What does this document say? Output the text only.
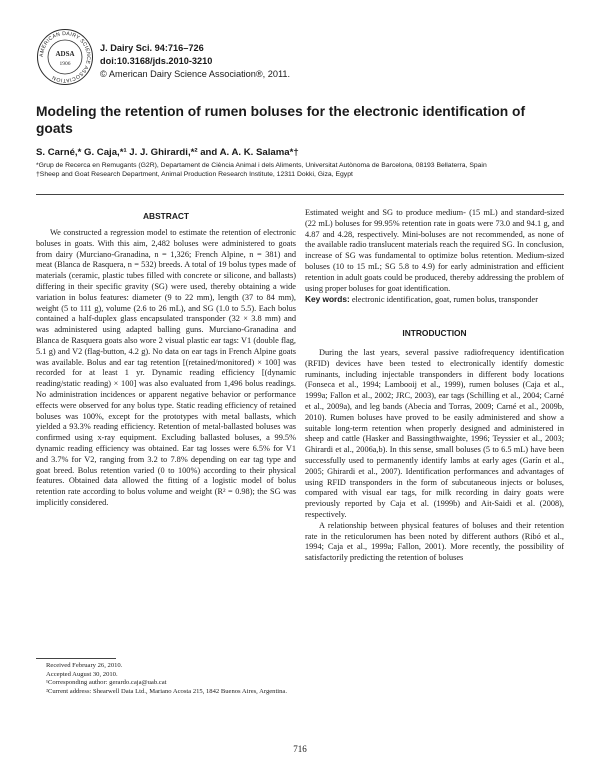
AMERICAN DAIRY SCIENCE ASSOCIATION
ADSA
1906
J. Dairy Sci. 94:716–726
doi:10.3168/jds.2010-3210
© American Dairy Science Association®, 2011.
Modeling the retention of rumen boluses for the electronic identification of goats
S. Carné,* G. Caja,*¹ J. J. Ghirardi,*² and A. A. K. Salama*†
*Grup de Recerca en Remugants (G2R), Departament de Ciència Animal i dels Aliments, Universitat Autònoma de Barcelona, 08193 Bellaterra, Spain
†Sheep and Goat Research Department, Animal Production Research Institute, 12311 Dokki, Giza, Egypt
ABSTRACT

We constructed a regression model to estimate the retention of electronic boluses in goats. With this aim, 2,482 boluses were administered to goats from dairy (Murciano-Granadina, n = 1,326; French Alpine, n = 381) and meat (Blanca de Rasquera, n = 532) breeds. A total of 19 bolus types made of materials (ceramic, plastic tubes filled with concrete or silicone, and ballasts) differing in their specific gravity (SG) were used, thereby obtaining a wide variation in bolus features: diameter (9 to 22 mm), length (37 to 84 mm), weight (5 to 111 g), volume (2.6 to 26 mL), and SG (1.0 to 5.5). Each bolus contained a half-duplex glass encapsulated transponder (32 × 3.8 mm) and was administered using adapted balling guns. Murciano-Granadina and Blanca de Rasquera goats also wore 2 visual plastic ear tags: V1 (double flag, 5.1 g) and V2 (flag-button, 4.2 g). No data on ear tags in French Alpine goats was available. Bolus and ear tag retention [(retained/monitored) × 100] was recorded for at least 1 yr. Dynamic reading efficiency [(dynamic reading/static reading) × 100] was also evaluated from 1,496 bolus readings. No administration incidences or apparent negative behavior or performance effects were observed for any bolus type. Static reading efficiency of retained boluses was 100%, except for the prototypes with metal ballasts, which yielded a 93.3% reading efficiency. Retention of metal-ballasted boluses was confirmed using x-ray equipment. Excluding ballasted boluses, a 99.5% dynamic reading efficiency was obtained. Ear tag losses were 6.5% for V1 and 3.7% for V2, ranging from 3.2 to 7.8% depending on ear tag type and goat breed. Bolus retention varied (0 to 100%) according to their physical features. Obtained data allowed the fitting of a logistic model of bolus retention rate according to bolus volume and weight (R² = 0.98); the SG was implicitly considered.

Estimated weight and SG to produce medium- (15 mL) and standard-sized (22 mL) boluses for 99.95% retention rate in goats were 73.0 and 94.1 g, and 4.87 and 4.28, respectively. Mini-boluses are not recommended, as none of the available radio translucent materials reach the required SG. In conclusion, increase of SG was fundamental to optimize bolus retention. Medium-sized boluses (10 to 15 mL; SG 5.8 to 4.9) for early administration and efficient retention in adult goats could be produced, thereby addressing the problem of using proper boluses for goat identification.

Key words: electronic identification, goat, rumen bolus, transponder

INTRODUCTION

During the last years, several passive radiofrequency identification (RFID) devices have been tested to electronically identify domestic ruminants, including injectable transponders in different body locations (Fonseca et al., 1994; Lambooij et al., 1999), rumen boluses (Caja et al., 1999a; Fallon et al., 2002; JRC, 2003), ear tags (Schilling et al., 2004; Carné et al., 2009a), and leg bands (Abecia and Torras, 2009; Carné et al., 2009b, 2010). Rumen boluses have proved to be easily administered and show a suitable long-term retention when properly designed and administered in sheep and cattle (Hasker and Bassingthwaighte, 1996; Teyssier et al., 2003; Ghirardi et al., 2006a,b). In this sense, small boluses (5 to 6.5 mL) have been successfully used to permanently identify lambs at early ages (Garín et al., 2005; Ghirardi et al., 2007). Identification performances and advantages of using RFID transponders in the form of subcutaneous injects or boluses, compared with visual ear tags, for milk recording in dairy goats were previously reported by Caja et al. (1999b) and Ait-Saidi et al. (2008), respectively.

A relationship between physical features of boluses and their retention rate in the reticulorumen has been noted by different authors (Ribó et al., 1994; Caja et al., 1999a; Fallon, 2001). More recently, the possibility of satisfactorily predicting the retention of boluses

Received February 26, 2010.
Accepted August 30, 2010.
¹Corresponding author: gerardo.caja@uab.cat
²Current address: Shearwell Data Ltd., Mariano Acosta 215, 1842 Buenos Aires, Argentina.
716
